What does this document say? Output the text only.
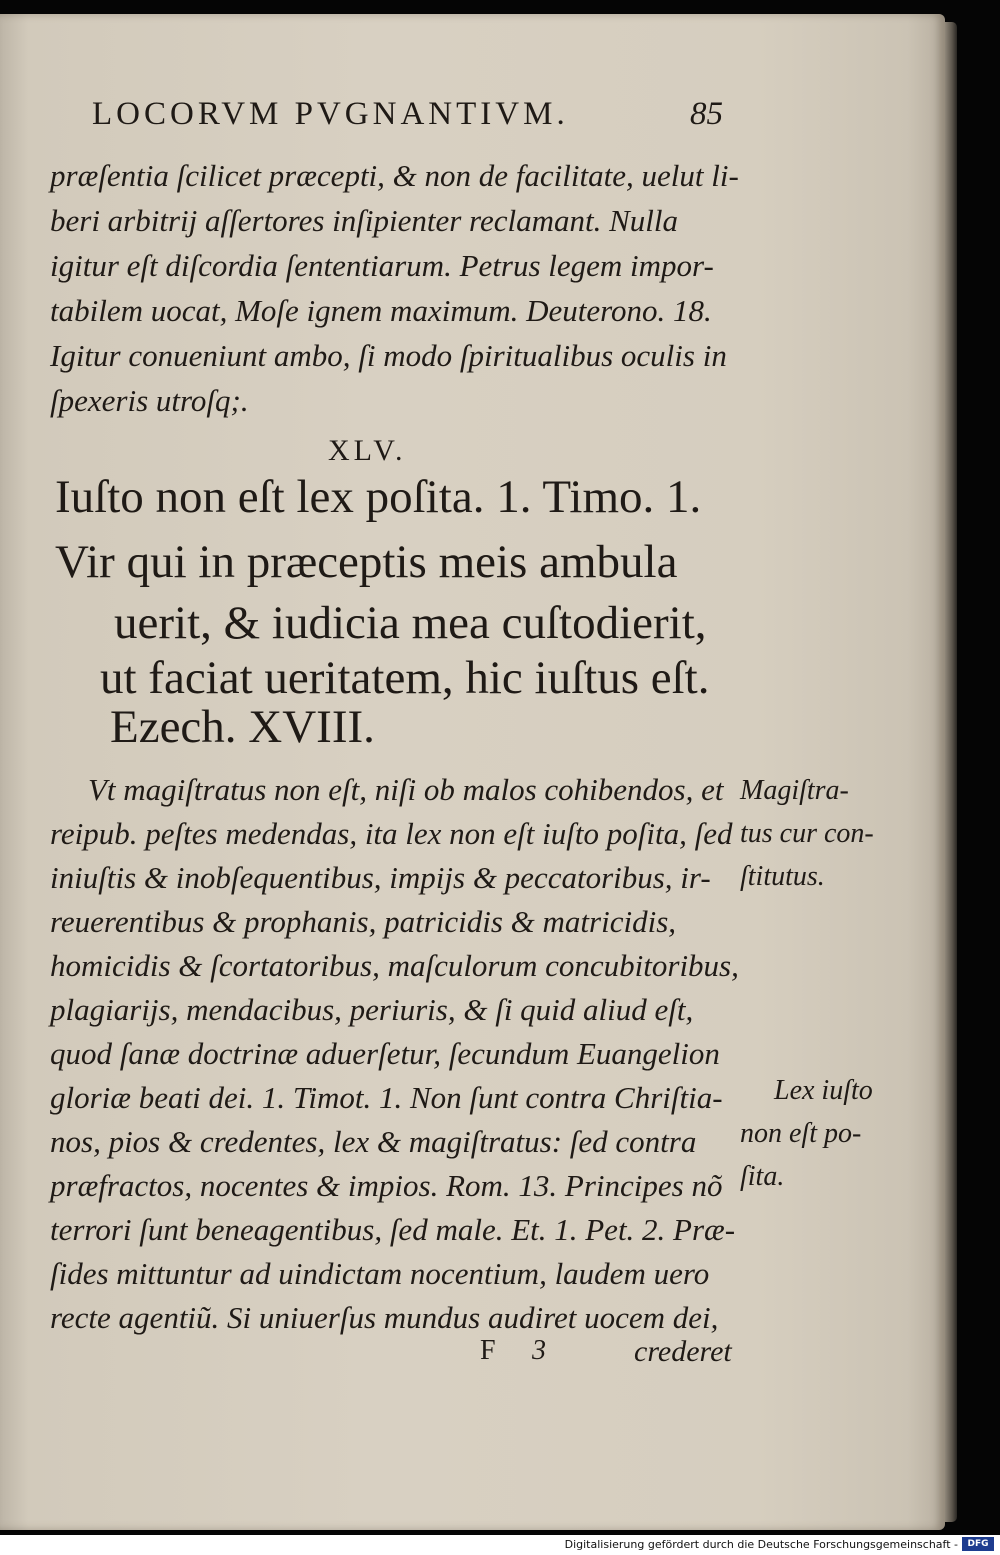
LOCORVM PVGNANTIVM.	85
præſentia ſcilicet præcepti, & non de facilitate, uelut li-
beri arbitrij aſſertores inſipienter reclamant. Nulla
igitur eſt diſcordia ſententiarum. Petrus legem impor-
tabilem uocat, Moſe ignem maximum. Deuterono. 18.
Igitur conueniunt ambo, ſi modo ſpiritualibus oculis in
ſpexeris utroſq;.
XLV.
Iuſto non eſt lex poſita. 1. Timo. 1.
Vir qui in præceptis meis ambula
uerit, & iudicia mea cuſtodierit,
ut faciat ueritatem, hic iuſtus eſt.
Ezech. XVIII.
Vt magiſtratus non eſt, niſi ob malos cohibendos, et
reipub. peſtes medendas, ita lex non eſt iuſto poſita, ſed
iniuſtis & inobſequentibus, impijs & peccatoribus, ir-
reuerentibus & prophanis, patricidis & matricidis,
homicidis & ſcortatoribus, maſculorum concubitoribus,
plagiarijs, mendacibus, periuris, & ſi quid aliud eſt,
quod ſanæ doctrinæ aduerſetur, ſecundum Euangelion
gloriæ beati dei. 1. Timot. 1. Non ſunt contra Chriſtia-
nos, pios & credentes, lex & magiſtratus: ſed contra
præfractos, nocentes & impios. Rom. 13. Principes nõ
terrori ſunt beneagentibus, ſed male. Et. 1. Pet. 2. Præ-
ſides mittuntur ad uindictam nocentium, laudem uero
recte agentiũ. Si uniuerſus mundus audiret uocem dei,
Magiſtra-
tus cur con-
ſtitutus.
Lex iuſto
non eſt po-
ſita.
F 3	crederet
Digitalisierung gefördert durch die Deutsche Forschungsgemeinschaft -	DFG
